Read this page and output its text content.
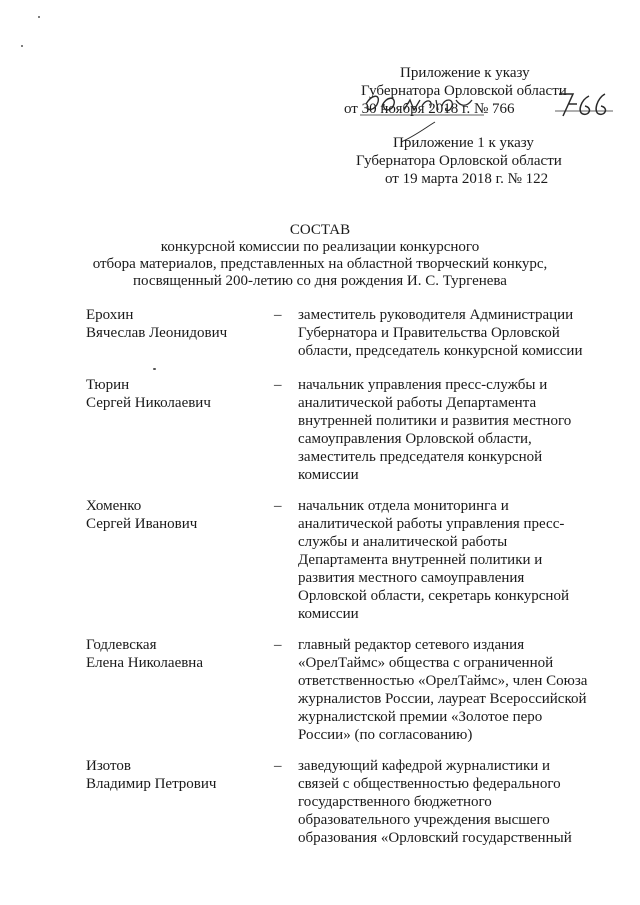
Приложение к указу
Губернатора Орловской области
от 30 ноября 2018 г. № 766
Приложение 1 к указу
Губернатора Орловской области
от 19 марта 2018 г. № 122
СОСТАВ
конкурсной комиссии по реализации конкурсного
отбора материалов, представленных на областной творческий конкурс,
посвященный 200-летию со дня рождения И. С. Тургенева
Ерохин
Вячеслав Леонидович
– заместитель руководителя Администрации
Губернатора и Правительства Орловской
области, председатель конкурсной комиссии
Тюрин
Сергей Николаевич
– начальник управления пресс-службы и
аналитической работы Департамента
внутренней политики и развития местного
самоуправления Орловской области,
заместитель председателя конкурсной
комиссии
Хоменко
Сергей Иванович
– начальник отдела мониторинга и
аналитической работы управления пресс-
службы и аналитической работы
Департамента внутренней политики и
развития местного самоуправления
Орловской области, секретарь конкурсной
комиссии
Годлевская
Елена Николаевна
– главный редактор сетевого издания
«ОрелТаймс» общества с ограниченной
ответственностью «ОрелТаймс», член Союза
журналистов России, лауреат Всероссийской
журналистской премии «Золотое перо
России» (по согласованию)
Изотов
Владимир Петрович
– заведующий кафедрой журналистики и
связей с общественностью федерального
государственного бюджетного
образовательного учреждения высшего
образования «Орловский государственный
